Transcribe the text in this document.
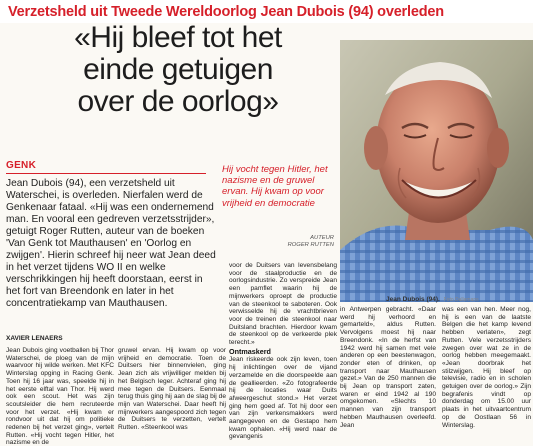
Verzetsheld uit Tweede Wereldoorlog Jean Dubois (94) overleden
«Hij bleef tot het
einde getuigen
over de oorlog»
Jean Dubois (94). Foto Dallemans
GENK

Jean Dubois (94), een verzetsheld uit Waterschei, is overleden. Nierfalen werd de Genkenaar fataal. «Hij was een ondernemend man. En vooral een gedreven verzetsstrijder», getuigt Roger Rutten, auteur van de boeken 'Van Genk tot Mauthausen' en 'Oorlog en zwijgen'. Hierin schreef hij neer wat Jean deed in het verzet tijdens WO II en welke verschrikkingen hij heeft doorstaan, eerst in het fort van Breendonk en later in het concentratiekamp van Mauthausen.

XAVIER LENAERS
Hij vocht tegen Hitler, het nazisme en de gruwel ervan. Hij kwam op voor vrijheid en democratie
AUTEUR
ROGER RUTTEN

Jean Dubois ging voetballen bij Thor Waterschei, de ploeg van de mijn waarvoor hij wilde werken. Met KFC Winterslag opging in Racing Genk. Toen hij 16 jaar was, speelde hij in het eerste elftal van Thor. Hij werd ook een scout. Het was zijn scoutsleider die hem recruteerde voor het verzet. «Hij kwam er rondvoor uit dat hij om politieke redenen bij het verzet ging», vertelt Rutten. «Hij vocht tegen Hitler, het nazisme en de

gruwel ervan. Hij kwam op voor vrijheid en democratie. Toen de Duitsers hier binnenvielen, ging Jean zich als vrijwilliger melden bij het Belgisch leger. Achteraf ging hij mee tegen de Duitsers. Eenmaal terug thuis ging hij aan de slag bij de mijn van Waterschei. Daar heeft hij mijnwerkers aangespoord zich tegen de Duitsers te verzetten, vertelt Rutten. «Steenkool was

voor de Duitsers van levensbelang voor de staalproductie en de oorlogsindustrie. Zo verspreide Jean een pamflet waarin hij de mijnwerkers oproept de productie van de steenkool te saboteren. Ook verwisselde hij de vrachtbrieven voor de treinen die steenkool naar Duitsland brachten. Hierdoor kwam de steenkool op de verkeerde plek terecht.»

Ontmaskerd

Jean riskeerde ook zijn leven, toen hij inlichtingen over de vijand verzamelde en die doorspeelde aan de geallieerden. «Zo fotografeerde hij de locaties waar Duits afweergeschut stond.» Het verzet ging hem goed af. Tot hij door een van zijn verkensmakkers werd aangegeven en de Gestapo hem kwam ophalen. «Hij werd naar de gevangenis

in Antwerpen gebracht. «Daar werd hij verhoord en gemarteld», aldus Rutten. Vervolgens moest hij naar Breendonk. «In de herfst van 1942 werd hij samen met vele anderen op een beestenwagon, zonder eten of drinken, op transport naar Mauthausen gezet.» Van de 250 mannen die bij Jean op transport zaten, waren er eind 1942 al 190 omgekomen. «Slechts 10 mannen van zijn transport hebben Mauthausen overleefd. Jean

was een van hen. Meer nog, hij is een van de laatste Belgen die het kamp levend hebben verlaten», zegt Rutten. Vele verzetsstrijders zwegen over wat ze in de oorlog hebben meegemaakt. «Jean doorbrak het stilzwijgen. Hij bleef op televisie, radio en in scholen getuigen over de oorlog.» Zijn begrafenis vindt op donderdag om 15.00 uur plaats in het uitvaartcentrum op de Oostlaan 56 in Winterslag.
